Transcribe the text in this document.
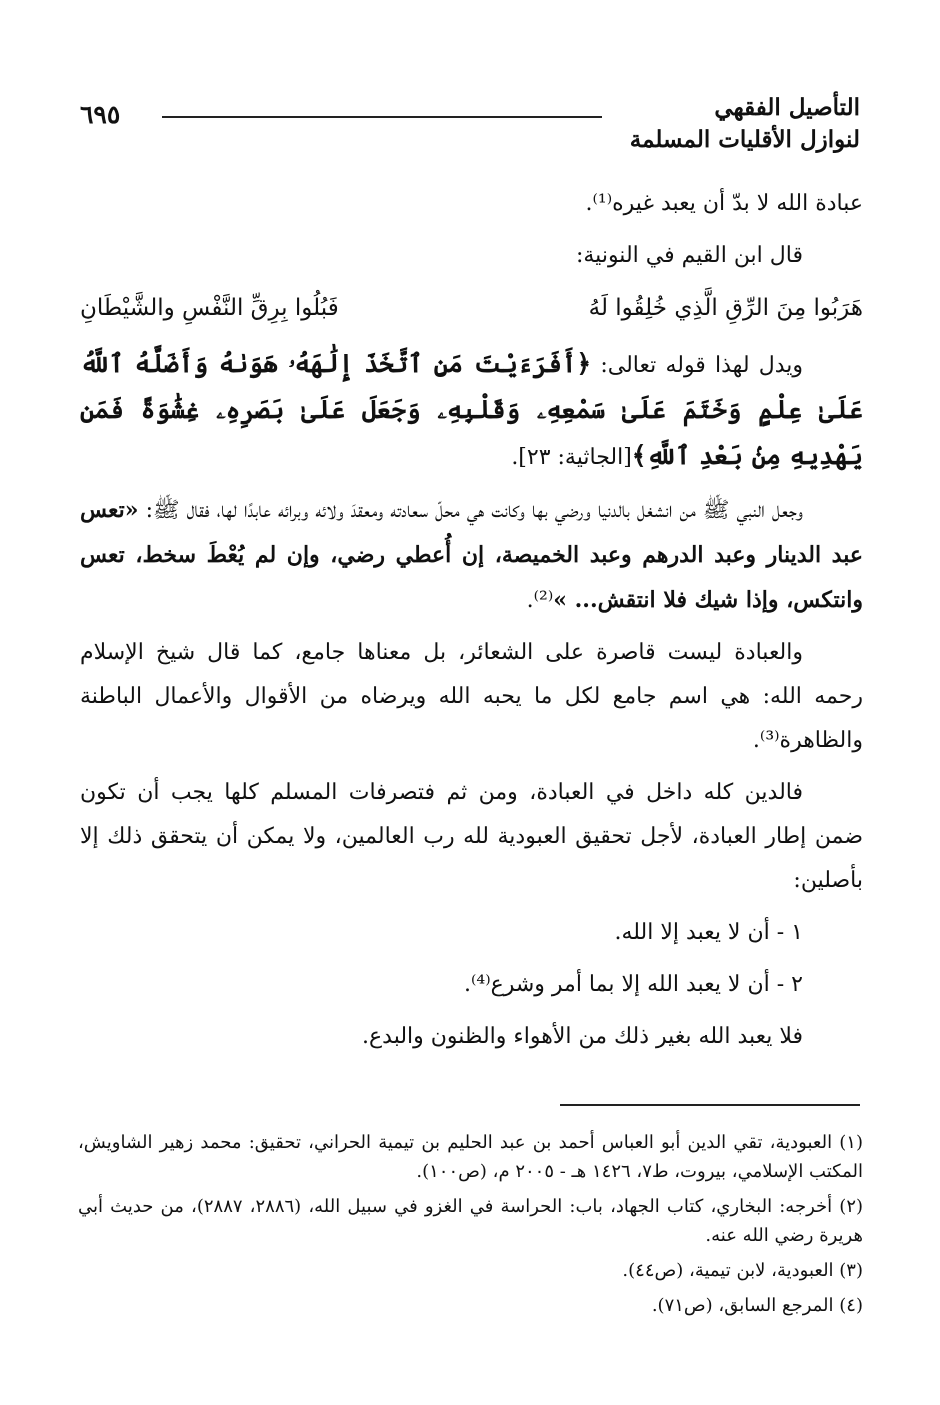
التأصيل الفقهي
لنوازل الأقليات المسلمة
٦٩٥

عبادة الله لا بدّ أن يعبد غيره⁽¹⁾.

قال ابن القيم في النونية:

هَرَبُوا مِنَ الرِّقِ الَّذِي خُلِقُوا لَهُ
فَبُلُوا بِرِقِّ النَّفْسِ والشَّيْطَانِ

ويدل لهذا قوله تعالى: ﴿أَفَرَءَيْتَ مَنِ ٱتَّخَذَ إِلَٰهَهُۥ هَوَىٰهُ وَأَضَلَّهُ ٱللَّهُ عَلَىٰ عِلْمٍ وَخَتَمَ عَلَىٰ سَمْعِهِۦ وَقَلْبِهِۦ وَجَعَلَ عَلَىٰ بَصَرِهِۦ غِشَٰوَةً فَمَن يَهْدِيهِ مِنۢ بَعْدِ ٱللَّهِ﴾[الجاثية: ٢٣].

وجعل النبي ﷺ من انشغل بالدنيا ورضي بها وكانت هي محلّ سعادته ومعقدَ ولائه وبرائه عابدًا لها، فقال ﷺ: «تعس عبد الدينار وعبد الدرهم وعبد الخميصة، إن أُعطي رضي، وإن لم يُعْطَ سخط، تعس وانتكس، وإذا شيك فلا انتقش... »⁽²⁾.

والعبادة ليست قاصرة على الشعائر، بل معناها جامع، كما قال شيخ الإسلام رحمه الله: هي اسم جامع لكل ما يحبه الله ويرضاه من الأقوال والأعمال الباطنة والظاهرة⁽³⁾.

فالدين كله داخل في العبادة، ومن ثم فتصرفات المسلم كلها يجب أن تكون ضمن إطار العبادة، لأجل تحقيق العبودية لله رب العالمين، ولا يمكن أن يتحقق ذلك إلا بأصلين:

١ - أن لا يعبد إلا الله.

٢ - أن لا يعبد الله إلا بما أمر وشرع⁽⁴⁾.

فلا يعبد الله بغير ذلك من الأهواء والظنون والبدع.

(١) العبودية، تقي الدين أبو العباس أحمد بن عبد الحليم بن تيمية الحراني، تحقيق: محمد زهير الشاويش، المكتب الإسلامي، بيروت، ط٧، ١٤٢٦ هـ - ٢٠٠٥ م، (ص١٠٠).

(٢) أخرجه: البخاري، كتاب الجهاد، باب: الحراسة في الغزو في سبيل الله، (٢٨٨٦، ٢٨٨٧)، من حديث أبي هريرة رضي الله عنه.

(٣) العبودية، لابن تيمية، (ص٤٤).

(٤) المرجع السابق، (ص٧١).
